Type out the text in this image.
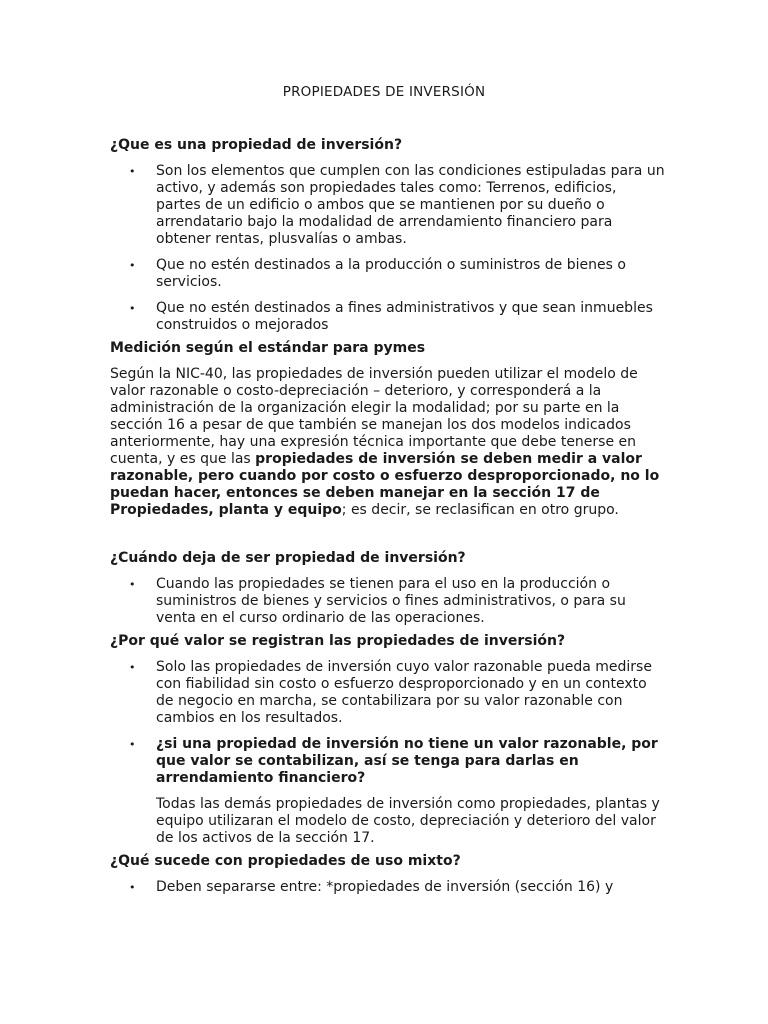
PROPIEDADES DE INVERSIÓN
¿Que es una propiedad de inversión?
• Son los elementos que cumplen con las condiciones estipuladas para un activo, y además son propiedades tales como: Terrenos, edificios, partes de un edificio o ambos que se mantienen por su dueño o arrendatario bajo la modalidad de arrendamiento financiero para obtener rentas, plusvalías o ambas.

• Que no estén destinados a la producción o suministros de bienes o servicios.

• Que no estén destinados a fines administrativos y que sean inmuebles construidos o mejorados

Medición según el estándar para pymes

Según la NIC-40, las propiedades de inversión pueden utilizar el modelo de valor razonable o costo-depreciación – deterioro, y corresponderá a la administración de la organización elegir la modalidad; por su parte en la sección 16 a pesar de que también se manejan los dos modelos indicados anteriormente, hay una expresión técnica importante que debe tenerse en cuenta, y es que las propiedades de inversión se deben medir a valor razonable, pero cuando por costo o esfuerzo desproporcionado, no lo puedan hacer, entonces se deben manejar en la sección 17 de Propiedades, planta y equipo; es decir, se reclasifican en otro grupo.

¿Cuándo deja de ser propiedad de inversión?
• Cuando las propiedades se tienen para el uso en la producción o suministros de bienes y servicios o fines administrativos, o para su venta en el curso ordinario de las operaciones.

¿Por qué valor se registran las propiedades de inversión?
• Solo las propiedades de inversión cuyo valor razonable pueda medirse con fiabilidad sin costo o esfuerzo desproporcionado y en un contexto de negocio en marcha, se contabilizara por su valor razonable con cambios en los resultados.

• ¿si una propiedad de inversión no tiene un valor razonable, por que valor se contabilizan, así se tenga para darlas en arrendamiento financiero?

Todas las demás propiedades de inversión como propiedades, plantas y equipo utilizaran el modelo de costo, depreciación y deterioro del valor de los activos de la sección 17.

¿Qué sucede con propiedades de uso mixto?
• Deben separarse entre: *propiedades de inversión (sección 16) y
